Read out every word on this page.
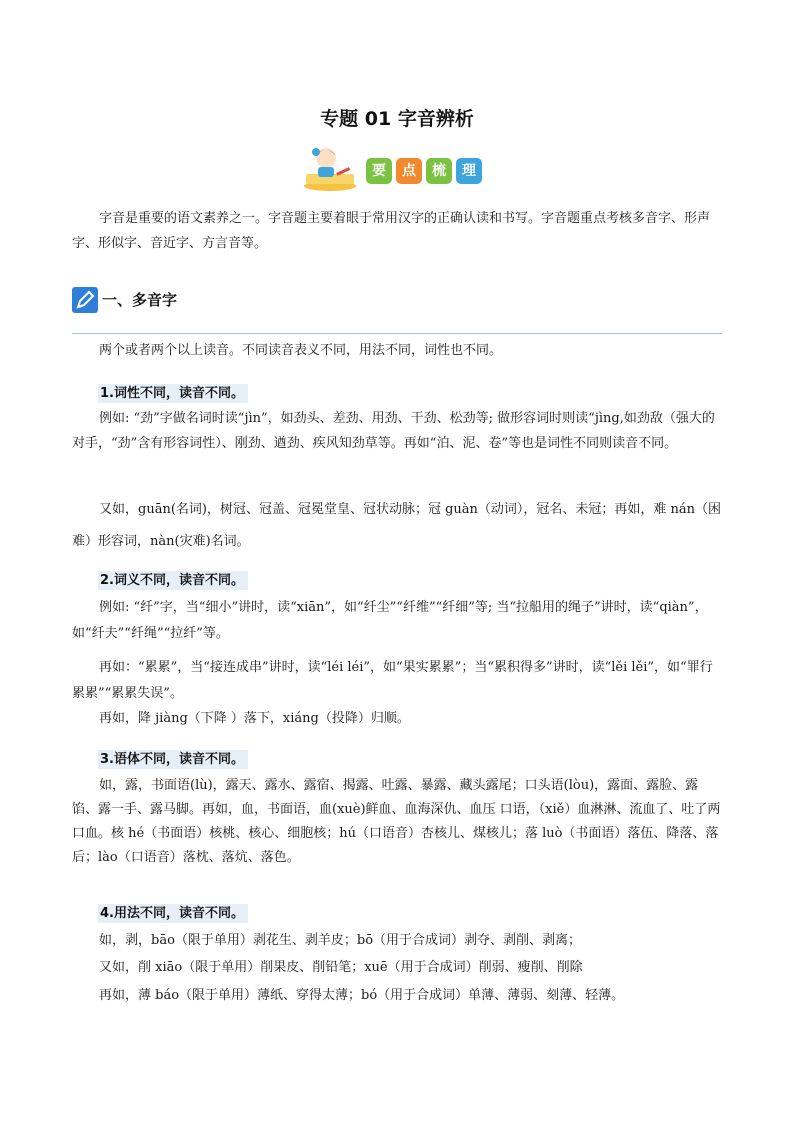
专题 01 字音辨析
要	点	梳	理
字音是重要的语文素养之一。字音题主要着眼于常用汉字的正确认读和书写。字音题重点考核多音字、形声字、形似字、音近字、方言音等。
一、多音字
两个或者两个以上读音。不同读音表义不同，用法不同，词性也不同。
1.词性不同，读音不同。
例如: “劲”字做名词时读“jìn”，如劲头、差劲、用劲、干劲、松劲等; 做形容词时则读“jìng,如劲敌（强大的对手，“劲”含有形容词性）、刚劲、遒劲、疾风知劲草等。再如“泊、泥、卷”等也是词性不同则读音不同。
又如，guān(名词)，树冠、冠盖、冠冕堂皇、冠状动脉；冠 guàn（动词），冠名、未冠；再如，难 nán（困难）形容词，nàn(灾难)名词。
2.词义不同，读音不同。
例如: “纤”字，当“细小”讲时，读“xiān”，如“纤尘”“纤维”“纤细”等; 当“拉船用的绳子”讲时，读“qiàn”，如“纤夫”“纤绳”“拉纤”等。
再如：“累累”，当“接连成串”讲时，读“léi léi”，如“果实累累”；当“累积得多”讲时，读“lěi lěi”，如“罪行累累”“累累失误”。
再如，降 jiàng（下降 ）落下，xiáng（投降）归顺。
3.语体不同，读音不同。
如，露，书面语(lù)，露天、露水、露宿、揭露、吐露、暴露、藏头露尾；口头语(lòu)，露面、露脸、露馅、露一手、露马脚。再如，血，书面语，血(xuè)鲜血、血海深仇、血压 口语，（xiě）血淋淋、流血了、吐了两口血。核 hé（书面语）核桃、核心、细胞核；hú（口语音）杏核儿、煤核儿；落 luò（书面语）落伍、降落、落后；lào（口语音）落枕、落炕、落色。
4.用法不同，读音不同。
如，剥，bāo（限于单用）剥花生、剥羊皮；bō（用于合成词）剥夺、剥削、剥离；
又如，削 xiāo（限于单用）削果皮、削铅笔；xuē（用于合成词）削弱、瘦削、削除
再如，薄 báo（限于单用）薄纸、穿得太薄；bó（用于合成词）单薄、薄弱、刻薄、轻薄。
